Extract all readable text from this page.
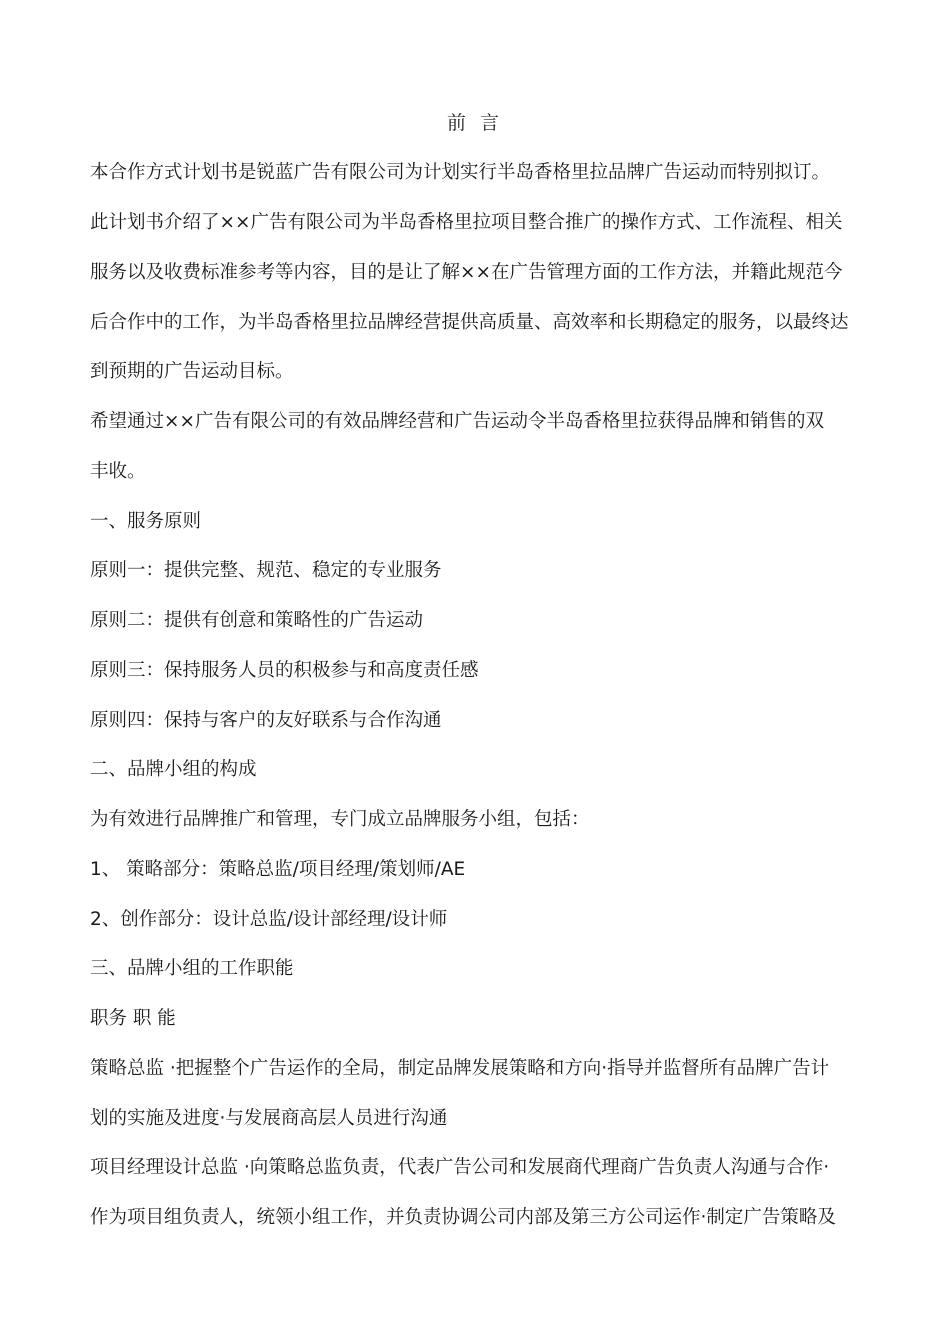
前 言
本合作方式计划书是锐蓝广告有限公司为计划实行半岛香格里拉品牌广告运动而特别拟订。
此计划书介绍了××广告有限公司为半岛香格里拉项目整合推广的操作方式、工作流程、相关
服务以及收费标准参考等内容，目的是让了解××在广告管理方面的工作方法，并籍此规范今
后合作中的工作，为半岛香格里拉品牌经营提供高质量、高效率和长期稳定的服务，以最终达
到预期的广告运动目标。
希望通过××广告有限公司的有效品牌经营和广告运动令半岛香格里拉获得品牌和销售的双
丰收。
一、服务原则
原则一：提供完整、规范、稳定的专业服务
原则二：提供有创意和策略性的广告运动
原则三：保持服务人员的积极参与和高度责任感
原则四：保持与客户的友好联系与合作沟通
二、品牌小组的构成
为有效进行品牌推广和管理，专门成立品牌服务小组，包括：
1、 策略部分：策略总监/项目经理/策划师/AE
2、创作部分：设计总监/设计部经理/设计师
三、品牌小组的工作职能
职务 职 能
策略总监 ·把握整个广告运作的全局，制定品牌发展策略和方向·指导并监督所有品牌广告计
划的实施及进度·与发展商高层人员进行沟通
项目经理设计总监 ·向策略总监负责，代表广告公司和发展商代理商广告负责人沟通与合作·
作为项目组负责人，统领小组工作，并负责协调公司内部及第三方公司运作·制定广告策略及
